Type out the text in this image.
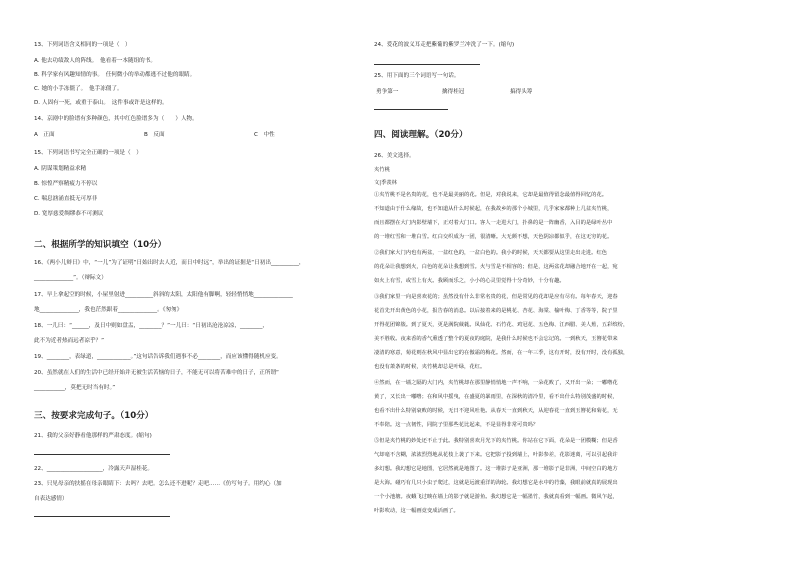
13、下列词语含义相同的一项是（　）
A. 他去功绩敌人的阵线。　他看着一本随组的书。
B. 科学家有风趣知情的事。　任何微小的举动都逃不过他的眼睛。
C. 她的小手冻僵了。　他手冻僵了。
D. 人固有一死，或重于泰山。　这件事或许是这样的。
14、京剧中的脸谱有多种颜色，其中红色脸谱多为（　　）人物。
A　正面	B　反面	C　中性
15、下列词语书写完全正确的一项是（　）
A. 阴谋策划精益求精
B. 惊惶严察精疲力不停以
C. 喘息汹涌直抵无可厚非
D. 宽厚慈爱绸缪恭不可测议
二、根据所学的知识填空（10分）
16、《两小儿辩日》中，“一儿”为了证明“日始出时去人近，而日中时远”，举出的证据是“日初出__________，
______________”。（辩际文）
17、早上拿起空的时候，小屋里射进__________斜斜的太阳，太阳他有脚啊，轻轻悄悄地______________
地______________，我也茫然跟着______________。《匆匆》
18、一儿曰：“______，及日中则如盘盂，________？”一儿曰：“日初出沧沧凉凉，________，
此不为近者热而远者凉乎？”
19、________，表绿道，____________。”这句话告诉我们遇事不必________，而应该懂得随机应变。
20、虽然就在人们的生活中已经开始并无被生活苦恼的日子，不能无可以将苦难中的日子，正所谓“
___________，莫把无时当有时。”
三、按要求完成句子。（10分）
21、我的父亲好静看他那样的严肃态度。(缩句)
22、____________________，冷露天声湿桂花。
23、只见母亲的扶摇在母亲眼睛下：去吗？去吧。怎么还不进呢？走吧……《仿写句子。用约心（加
自表达感情）
24、爱花的波义耳走把紫葡的紫罗兰冲洗了一下。(缩句)
25、用下面的三个词语写一句话。
勇争第一	擒得桂冠	搞得头筹
四、阅读理解。（20分）
26、美文选择。
夹竹桃
文|季羡林
①夹竹桃不是名贵的花，也不是最美丽的花。但是，对我说来，它却是最值得留念最值得回忆的花。
不知道由于什么缘故，也不知道从什么时候起，在我故乡的那个小城里，几乎家家都种上几盆夹竹桃，
而且都摆在大门内影壁墙下，正对着大门口。客人一走进大门，扑鼻的是一阵幽香，入目的是绿叶丛中
的一堆红雪和一堆白雪。红白交织成为一团，很清晰。大无颜不想，天色阴凉都似乎，在这无穷的花。
②我们家大门内也有两盆，一盆红色的，一盆白色的。我小的时候，天天都要从这里走出走进。红色
的花朵让我想到火，白色的花朵让我想到雪。火与雪是不相容的；但是，这两盆花却融合地开在一起，宛
如火上有雪，或雪上有火。我顾而乐之，小小的心灵里觉得十分奇妙，十分有趣。
③我们家里一向是喜欢花的；虽然没有什么非常名贵的花，但是常见的花却是应有尽有。每年春天，迎春
花首先开出黄色的小花，报告春的消息。以后接着来的是桃花、杏花、海棠、榆叶梅、丁香等等，院子里
开得花团锦簇。到了夏天，更是满院葳蕤。凤仙花、石竹花、鸡冠花、五色梅、江西腊、美人蕉，五彩缤纷，
美不胜收。夜来香的香气熏透了整个的夏夜的庭院，是我什么时候也不会忘记的。一到秋天，玉簪花带来
凄清的寒意，菊花则在秋风中显出它的在傲霜的梅花。然而，在一年三季，这有开时，没有开时，没有孤独，
也没有萧条的时候，夹竹桃却总是叶绿，花红。
④然而，在一墙之隔的大门内，夹竹桃却在那里静悄悄地一声不响，一朵花败了，又开出一朵；一嘟噜花
黄了，又长出一嘟噜；在和风中摇曳，在盛夏的暴雨里，在深秋的清冷里，看不出什么特别茂盛的时候，
也看不出什么特别衰败的时候，无日不迎风吐艳。从春天一直到秋天，从迎春花一直到玉簪花和菊花，无
不奉陪。这一点韧性，同院子里那些花比起来，不是显得非常可贵吗？
⑤但是夹竹桃的妙处还不止于此。我特别喜欢月光下的夹竹桃。你站在它下面，花朵是一团模糊；但是香
气却毫不含糊，浓浓烈烈地从花枝上袭了下来。它把影子投到墙上，叶影参差，花影迷离，可以引起我许
多幻想。我幻想它是地图，它居然就是地图了。这一堆影子是亚洲，那一堆影子是非洲，中间空白的地方
是大海。碰巧有几只小虫子爬过，这就是远渡重洋的海轮。我幻想它是水中的荇藻，我眼前就真的展现出
一个小池塘。夜蛾飞过映在墙上的影子就是游鱼。我幻想它是一幅墨竹，我就真看到一幅画。微风乍起，
叶影吹动，这一幅画竟变成活画了。
